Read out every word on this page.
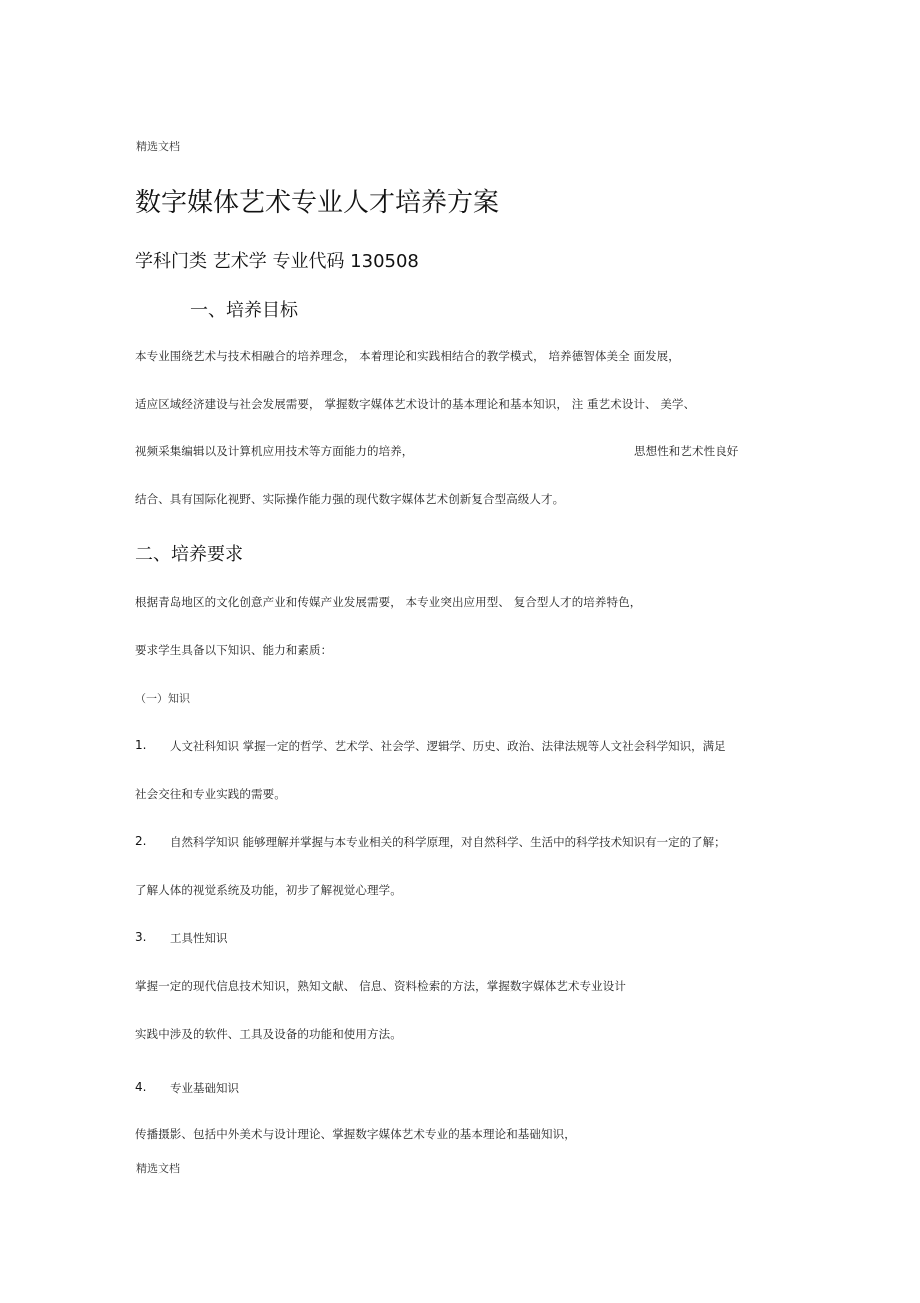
精选文档
数字媒体艺术专业人才培养方案
学科门类 艺术学 专业代码 130508
一、培养目标
本专业围绕艺术与技术相融合的培养理念， 本着理论和实践相结合的教学模式， 培养德智体美全 面发展，
适应区域经济建设与社会发展需要， 掌握数字媒体艺术设计的基本理论和基本知识， 注 重艺术设计、 美学、
视频采集编辑以及计算机应用技术等方面能力的培养，	思想性和艺术性良好
结合、具有国际化视野、实际操作能力强的现代数字媒体艺术创新复合型高级人才。
二、培养要求
根据青岛地区的文化创意产业和传媒产业发展需要， 本专业突出应用型、 复合型人才的培养特色，
要求学生具备以下知识、能力和素质：
（一）知识
1. 人文社科知识 掌握一定的哲学、艺术学、社会学、逻辑学、历史、政治、法律法规等人文社会科学知识，满足
社会交往和专业实践的需要。
2. 自然科学知识 能够理解并掌握与本专业相关的科学原理，对自然科学、生活中的科学技术知识有一定的了解；
了解人体的视觉系统及功能，初步了解视觉心理学。
3. 工具性知识
掌握一定的现代信息技术知识，熟知文献、 信息、资料检索的方法，掌握数字媒体艺术专业设计
实践中涉及的软件、工具及设备的功能和使用方法。
4. 专业基础知识
传播摄影、包括中外美术与设计理论、掌握数字媒体艺术专业的基本理论和基础知识，
精选文档
